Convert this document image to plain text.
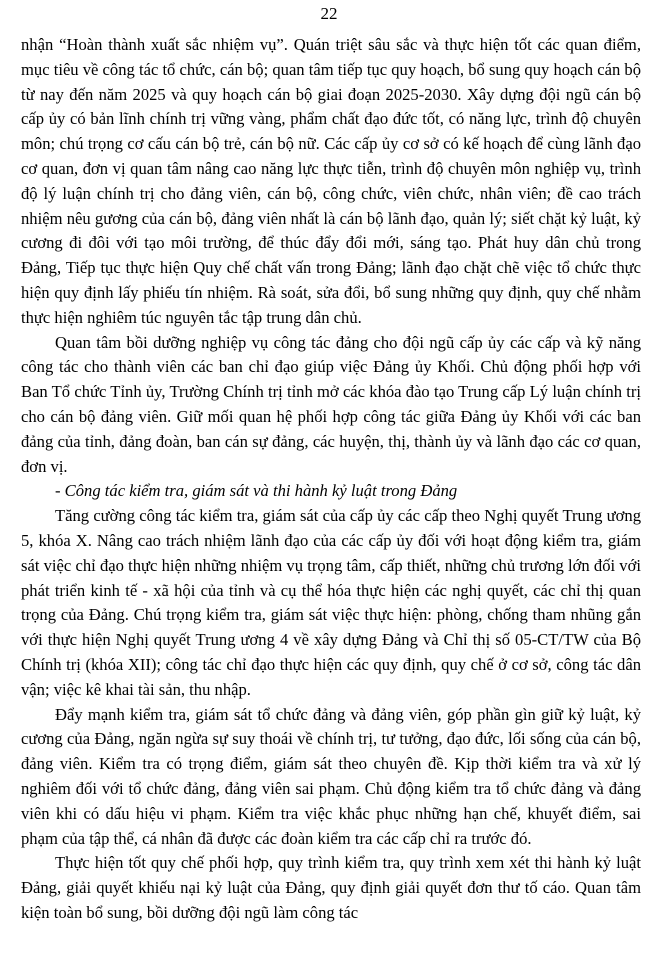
22

nhận “Hoàn thành xuất sắc nhiệm vụ”. Quán triệt sâu sắc và thực hiện tốt các quan điểm, mục tiêu về công tác tổ chức, cán bộ; quan tâm tiếp tục quy hoạch, bổ sung quy hoạch cán bộ từ nay đến năm 2025 và quy hoạch cán bộ giai đoạn 2025-2030. Xây dựng đội ngũ cán bộ cấp ủy có bản lĩnh chính trị vững vàng, phẩm chất đạo đức tốt, có năng lực, trình độ chuyên môn; chú trọng cơ cấu cán bộ trẻ, cán bộ nữ. Các cấp ủy cơ sở có kế hoạch để cùng lãnh đạo cơ quan, đơn vị quan tâm nâng cao năng lực thực tiễn, trình độ chuyên môn nghiệp vụ, trình độ lý luận chính trị cho đảng viên, cán bộ, công chức, viên chức, nhân viên; đề cao trách nhiệm nêu gương của cán bộ, đảng viên nhất là cán bộ lãnh đạo, quản lý; siết chặt kỷ luật, kỷ cương đi đôi với tạo môi trường, để thúc đẩy đổi mới, sáng tạo. Phát huy dân chủ trong Đảng, Tiếp tục thực hiện Quy chế chất vấn trong Đảng; lãnh đạo chặt chẽ việc tổ chức thực hiện quy định lấy phiếu tín nhiệm. Rà soát, sửa đổi, bổ sung những quy định, quy chế nhằm thực hiện nghiêm túc nguyên tắc tập trung dân chủ.

Quan tâm bồi dưỡng nghiệp vụ công tác đảng cho đội ngũ cấp ủy các cấp và kỹ năng công tác cho thành viên các ban chỉ đạo giúp việc Đảng ủy Khối. Chủ động phối hợp với Ban Tổ chức Tỉnh ủy, Trường Chính trị tỉnh mở các khóa đào tạo Trung cấp Lý luận chính trị cho cán bộ đảng viên. Giữ mối quan hệ phối hợp công tác giữa Đảng ủy Khối với các ban đảng của tỉnh, đảng đoàn, ban cán sự đảng, các huyện, thị, thành ủy và lãnh đạo các cơ quan, đơn vị.

- Công tác kiểm tra, giám sát và thi hành kỷ luật trong Đảng

Tăng cường công tác kiểm tra, giám sát của cấp ủy các cấp theo Nghị quyết Trung ương 5, khóa X. Nâng cao trách nhiệm lãnh đạo của các cấp ủy đối với hoạt động kiểm tra, giám sát việc chỉ đạo thực hiện những nhiệm vụ trọng tâm, cấp thiết, những chủ trương lớn đối với phát triển kinh tế - xã hội của tỉnh và cụ thể hóa thực hiện các nghị quyết, các chỉ thị quan trọng của Đảng. Chú trọng kiểm tra, giám sát việc thực hiện: phòng, chống tham nhũng gắn với thực hiện Nghị quyết Trung ương 4 về xây dựng Đảng và Chỉ thị số 05-CT/TW của Bộ Chính trị (khóa XII); công tác chỉ đạo thực hiện các quy định, quy chế ở cơ sở, công tác dân vận; việc kê khai tài sản, thu nhập.

Đẩy mạnh kiểm tra, giám sát tổ chức đảng và đảng viên, góp phần gìn giữ kỷ luật, kỷ cương của Đảng, ngăn ngừa sự suy thoái về chính trị, tư tưởng, đạo đức, lối sống của cán bộ, đảng viên. Kiểm tra có trọng điểm, giám sát theo chuyên đề. Kịp thời kiểm tra và xử lý nghiêm đối với tổ chức đảng, đảng viên sai phạm. Chủ động kiểm tra tổ chức đảng và đảng viên khi có dấu hiệu vi phạm. Kiểm tra việc khắc phục những hạn chế, khuyết điểm, sai phạm của tập thể, cá nhân đã được các đoàn kiểm tra các cấp chỉ ra trước đó.

Thực hiện tốt quy chế phối hợp, quy trình kiểm tra, quy trình xem xét thi hành kỷ luật Đảng, giải quyết khiếu nại kỷ luật của Đảng, quy định giải quyết đơn thư tố cáo. Quan tâm kiện toàn bổ sung, bồi dưỡng đội ngũ làm công tác
